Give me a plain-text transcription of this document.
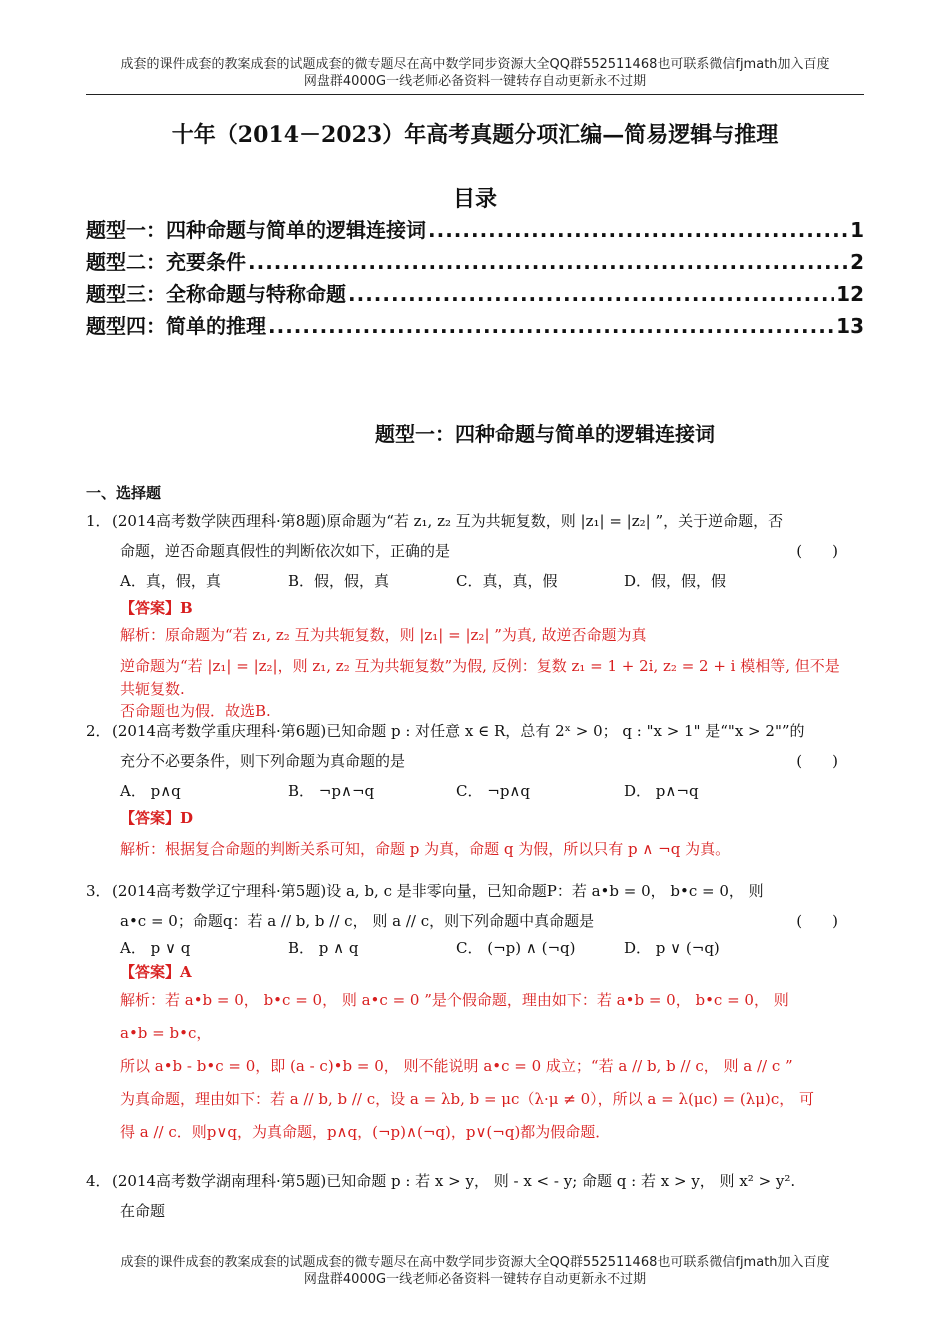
成套的课件成套的教案成套的试题成套的微专题尽在高中数学同步资源大全QQ群552511468也可联系微信fjmath加入百度
网盘群4000G一线老师必备资料一键转存自动更新永不过期
十年（2014－2023）年高考真题分项汇编—简易逻辑与推理
目录
题型一：四种命题与简单的逻辑连接词 .....	1
题型二：充要条件 .....	2
题型三：全称命题与特称命题 .....	12
题型四：简单的推理 .....	13
题型一：四种命题与简单的逻辑连接词
一、选择题
1．(2014高考数学陕西理科·第8题)原命题为“若 z₁, z₂ 互为共轭复数，则 |z₁| = |z₂| ”，关于逆命题，否
命题，逆否命题真假性的判断依次如下，正确的是	(　　)
A．真，假，真	B．假，假，真	C．真，真，假	D．假，假，假
【答案】B
解析：原命题为“若 z₁, z₂ 互为共轭复数，则 |z₁| = |z₂| ”为真, 故逆否命题为真
逆命题为“若 |z₁| = |z₂|，则 z₁, z₂ 互为共轭复数”为假, 反例：复数 z₁ = 1 + 2i, z₂ = 2 + i 模相等, 但不是
共轭复数.
否命题也为假．故选B.
2．(2014高考数学重庆理科·第6题)已知命题 p : 对任意 x ∈ R，总有 2ˣ > 0； q : "x > 1" 是“"x > 2"”的
充分不必要条件，则下列命题为真命题的是	(　　)
A． p∧q	B． ¬p∧¬q	C． ¬p∧q	D． p∧¬q
【答案】D
解析：根据复合命题的判断关系可知，命题 p 为真，命题 q 为假，所以只有 p ∧ ¬q 为真。
3．(2014高考数学辽宁理科·第5题)设 a, b, c 是非零向量，已知命题P：若 a•b = 0， b•c = 0， 则
a•c = 0；命题q：若 a // b, b // c， 则 a // c，则下列命题中真命题是	(　　)
A． p ∨ q	B． p ∧ q	C． (¬p) ∧ (¬q)	D． p ∨ (¬q)
【答案】A
解析：若 a•b = 0， b•c = 0， 则 a•c = 0 ”是个假命题，理由如下：若 a•b = 0， b•c = 0， 则
a•b = b•c，
所以 a•b - b•c = 0，即 (a - c)•b = 0， 则不能说明 a•c = 0 成立；“若 a // b, b // c， 则 a // c ”
为真命题，理由如下：若 a // b, b // c，设 a = λb, b = μc（λ·μ ≠ 0），所以 a = λ(μc) = (λμ)c， 可
得 a // c．则p∨q，为真命题，p∧q，(¬p)∧(¬q)，p∨(¬q)都为假命题．
4．(2014高考数学湖南理科·第5题)已知命题 p : 若 x > y， 则 - x < - y; 命题 q : 若 x > y， 则 x² > y².
在命题
成套的课件成套的教案成套的试题成套的微专题尽在高中数学同步资源大全QQ群552511468也可联系微信fjmath加入百度
网盘群4000G一线老师必备资料一键转存自动更新永不过期
